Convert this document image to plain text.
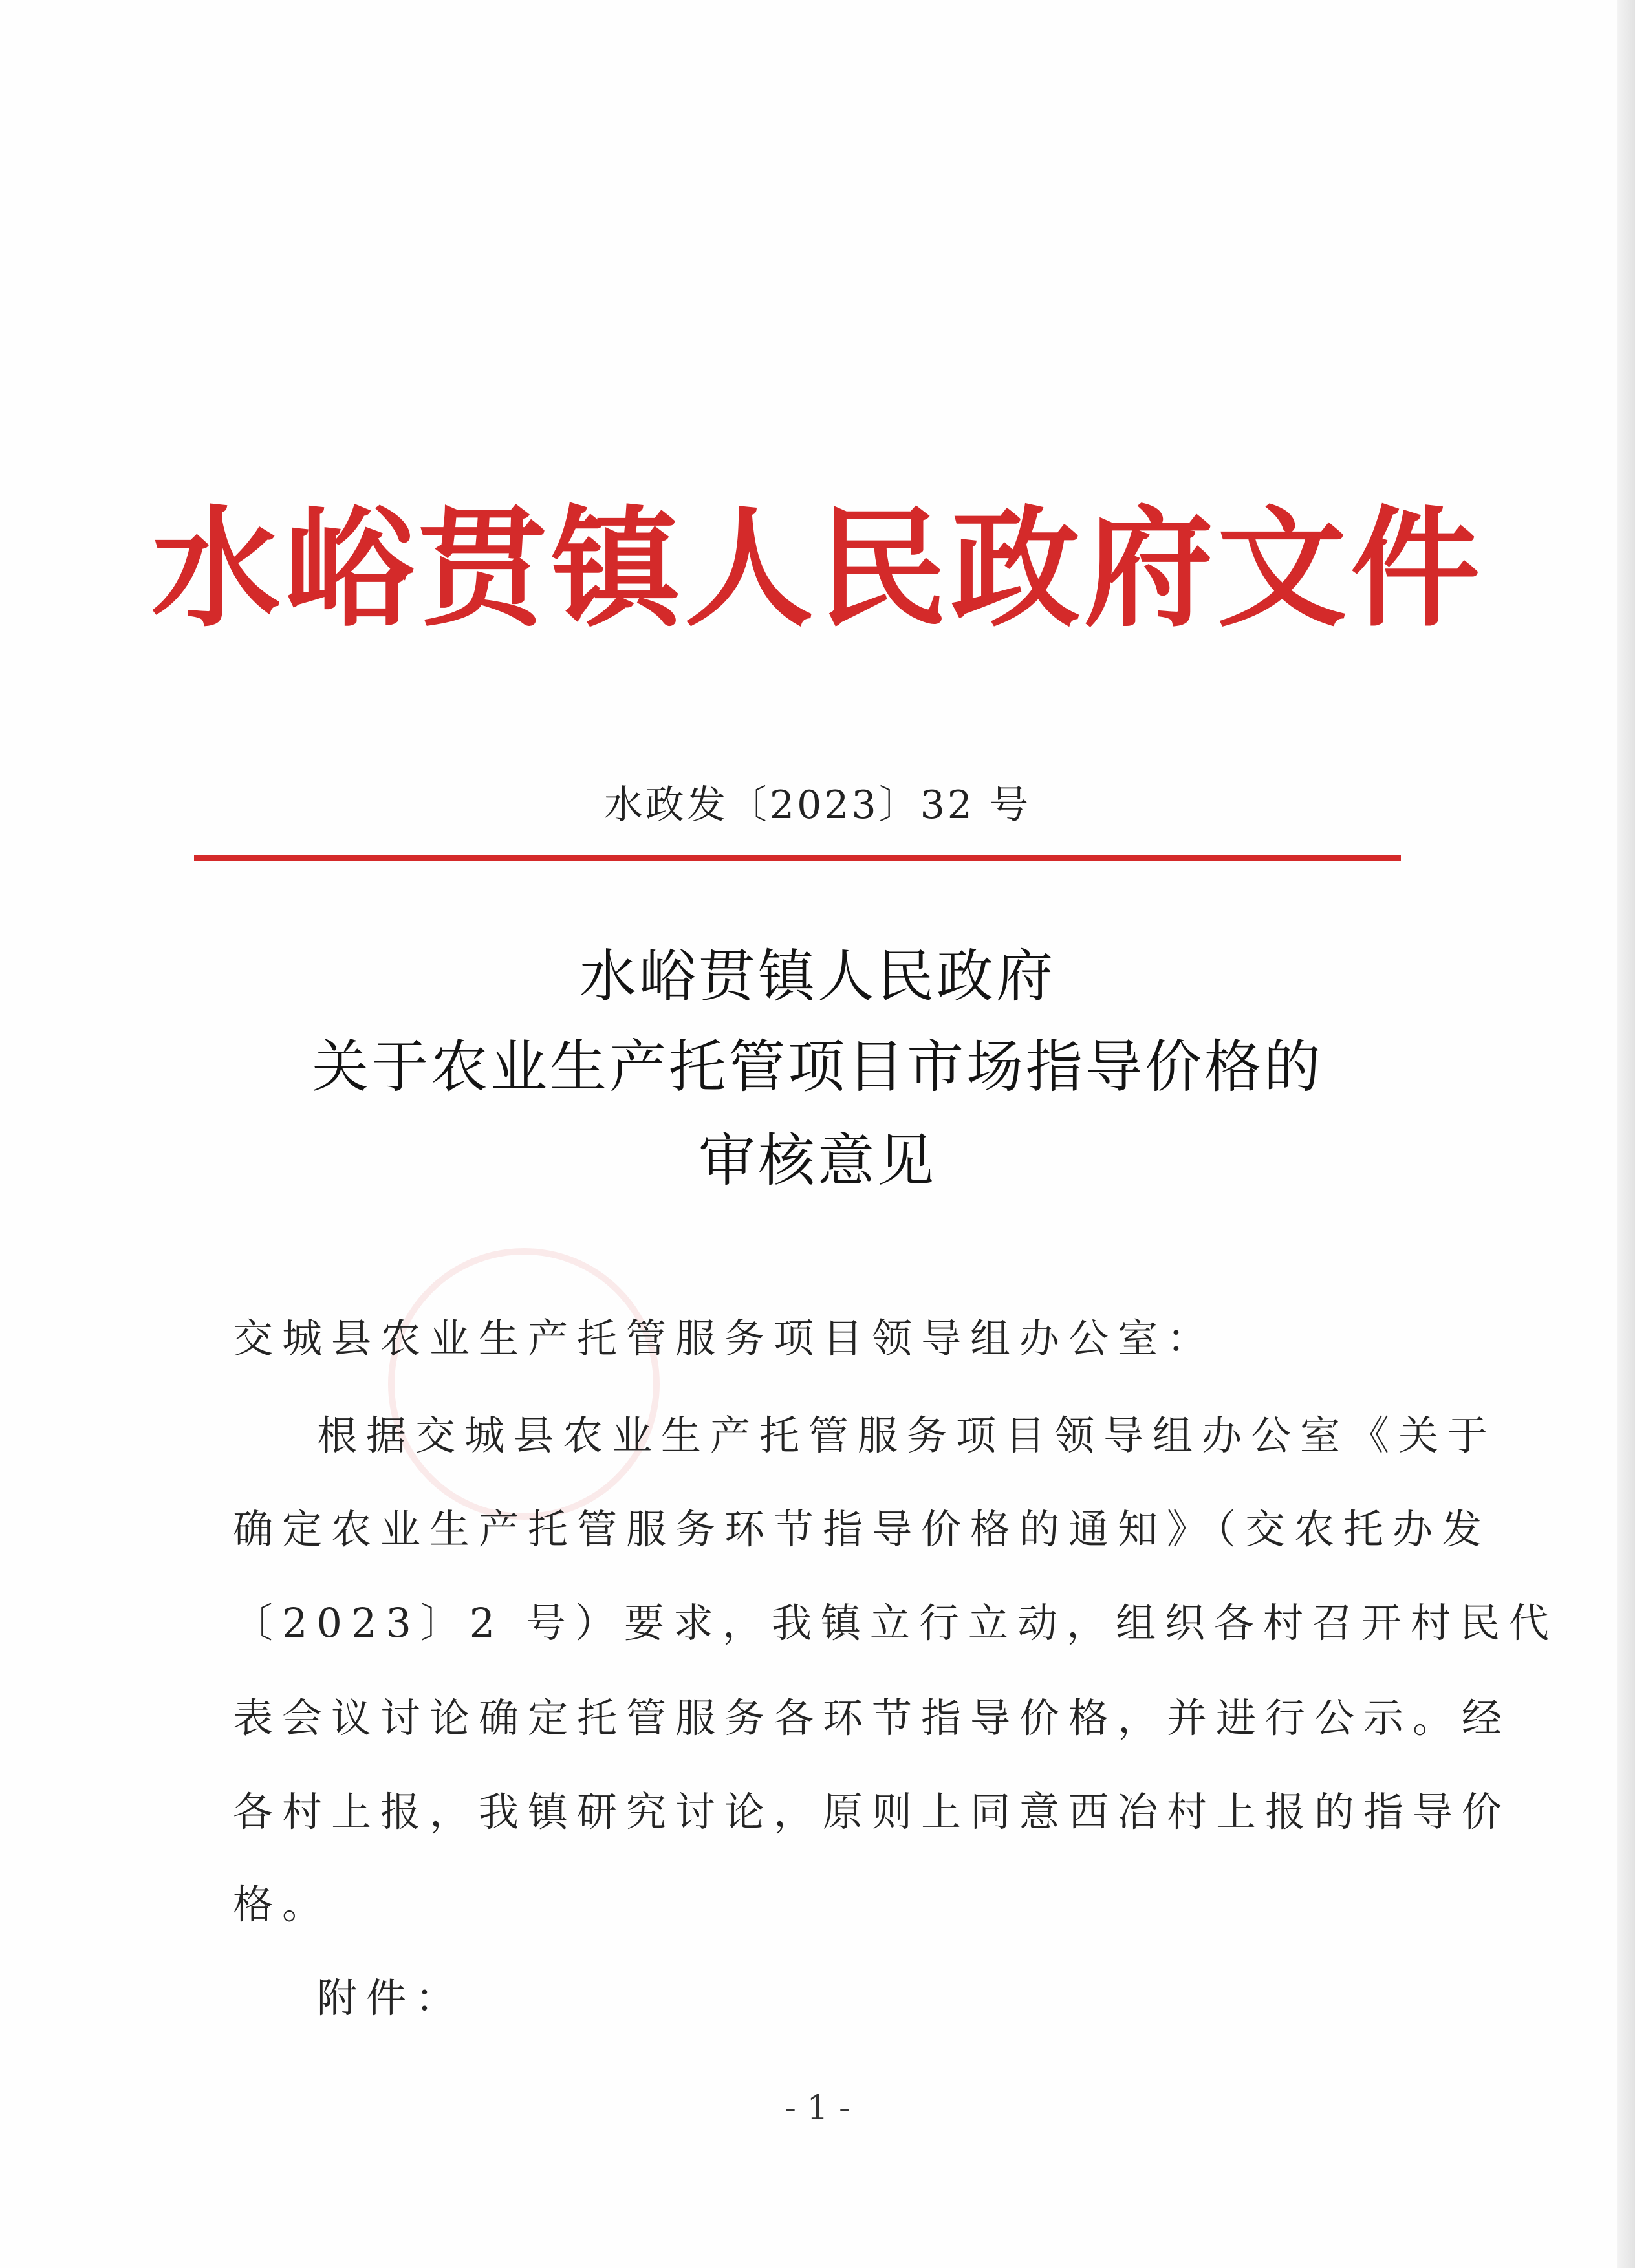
水峪贯镇人民政府文件
水政发〔2023〕32 号
水峪贯镇人民政府
关于农业生产托管项目市场指导价格的
审核意见
交城县农业生产托管服务项目领导组办公室：
根据交城县农业生产托管服务项目领导组办公室《关于
确定农业生产托管服务环节指导价格的通知》（交农托办发
〔2023〕2 号）要求，我镇立行立动，组织各村召开村民代
表会议讨论确定托管服务各环节指导价格，并进行公示。经
各村上报，我镇研究讨论，原则上同意西冶村上报的指导价
格。
附件：
- 1 -
